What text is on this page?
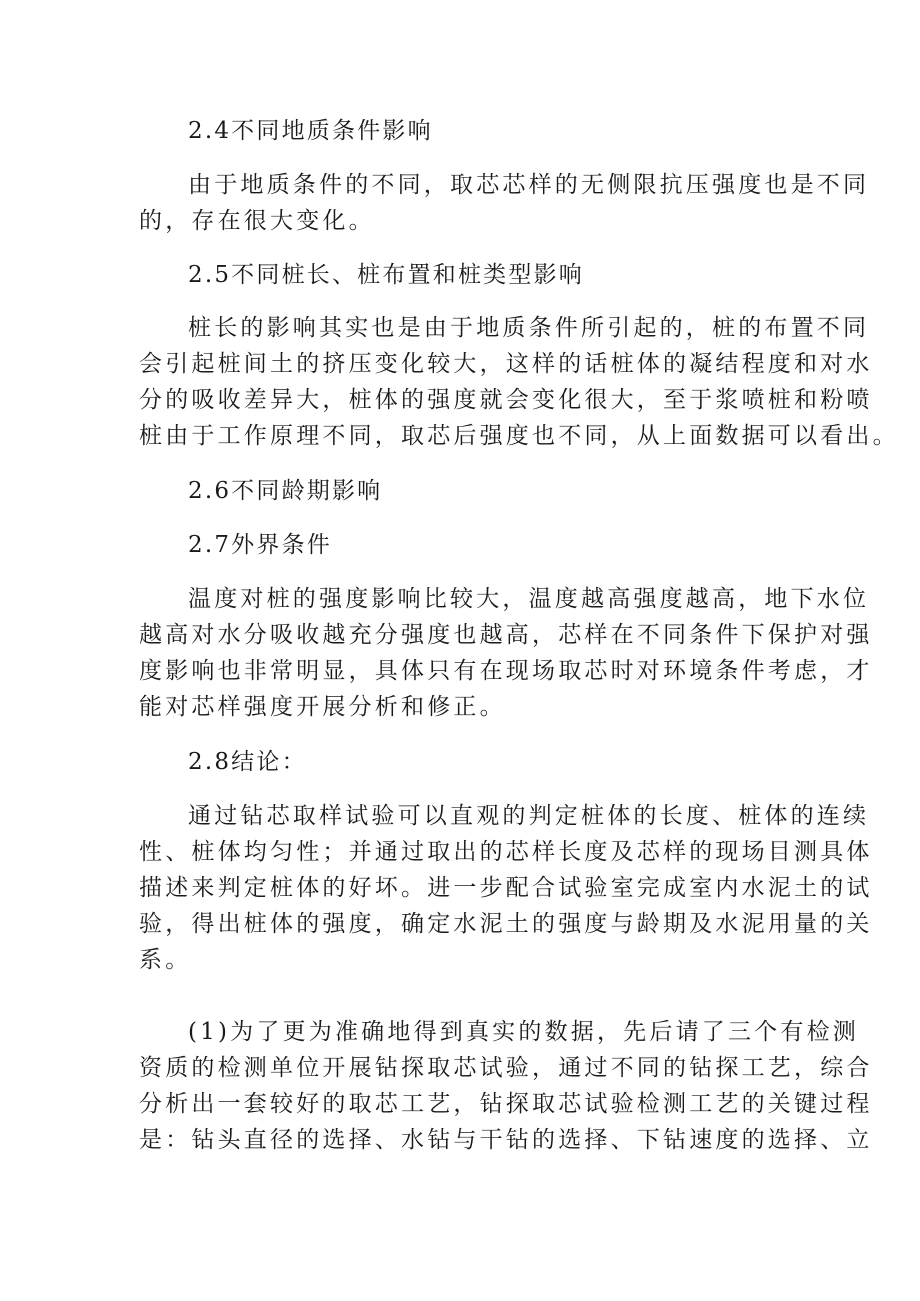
2.4不同地质条件影响
由于地质条件的不同，取芯芯样的无侧限抗压强度也是不同
的，存在很大变化。
2.5不同桩长、桩布置和桩类型影响
桩长的影响其实也是由于地质条件所引起的，桩的布置不同
会引起桩间土的挤压变化较大，这样的话桩体的凝结程度和对水
分的吸收差异大，桩体的强度就会变化很大，至于浆喷桩和粉喷
桩由于工作原理不同，取芯后强度也不同，从上面数据可以看出。
2.6不同龄期影响
2.7外界条件
温度对桩的强度影响比较大，温度越高强度越高，地下水位
越高对水分吸收越充分强度也越高，芯样在不同条件下保护对强
度影响也非常明显，具体只有在现场取芯时对环境条件考虑，才
能对芯样强度开展分析和修正。
2.8结论：
通过钻芯取样试验可以直观的判定桩体的长度、桩体的连续
性、桩体均匀性；并通过取出的芯样长度及芯样的现场目测具体
描述来判定桩体的好坏。进一步配合试验室完成室内水泥土的试
验，得出桩体的强度，确定水泥土的强度与龄期及水泥用量的关
系。
(1)为了更为准确地得到真实的数据，先后请了三个有检测
资质的检测单位开展钻探取芯试验，通过不同的钻探工艺，综合
分析出一套较好的取芯工艺，钻探取芯试验检测工艺的关键过程
是：钻头直径的选择、水钻与干钻的选择、下钻速度的选择、立
